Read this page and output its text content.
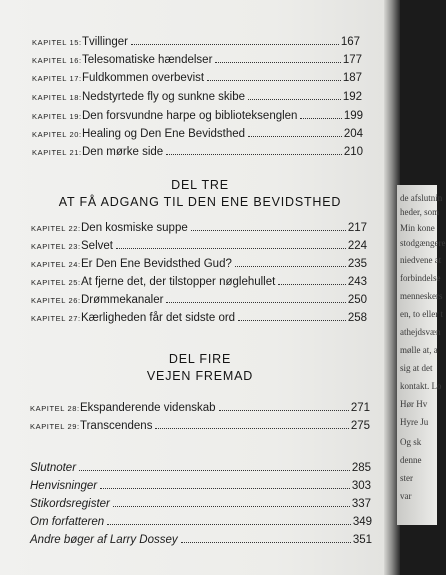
KAPITEL 15: Tvillinger	167
KAPITEL 16: Telesomatiske hændelser	177
KAPITEL 17: Fuldkommen overbevist	187
KAPITEL 18: Nedstyrtede fly og sunkne skibe	192
KAPITEL 19: Den forsvundne harpe og biblioteksenglen	199
KAPITEL 20: Healing og Den Ene Bevidsthed	204
KAPITEL 21: Den mørke side	210
DEL TRE
AT FÅ ADGANG TIL DEN ENE BEVIDSTHED
KAPITEL 22: Den kosmiske suppe	217
KAPITEL 23: Selvet	224
KAPITEL 24: Er Den Ene Bevidsthed Gud?	235
KAPITEL 25: At fjerne det, der tilstopper nøglehullet	243
KAPITEL 26: Drømmekanaler	250
KAPITEL 27: Kærligheden får det sidste ord	258
DEL FIRE
VEJEN FREMAD
KAPITEL 28: Ekspanderende videnskab	271
KAPITEL 29: Transcendens	275
Slutnoter	285
Henvisninger	303
Stikordsregister	337
Om forfatteren	349
Andre bøger af Larry Dossey	351
de afslutnin
heder, som
Min kone
stodgængere
niedvene at
forbindelse
menneskers
en, to eller t
athejdsvæn
mølle at, a
sig at det
kontakt. Lo
Hør Hv
Hyre Ju
Og sk
denne
ster
var
